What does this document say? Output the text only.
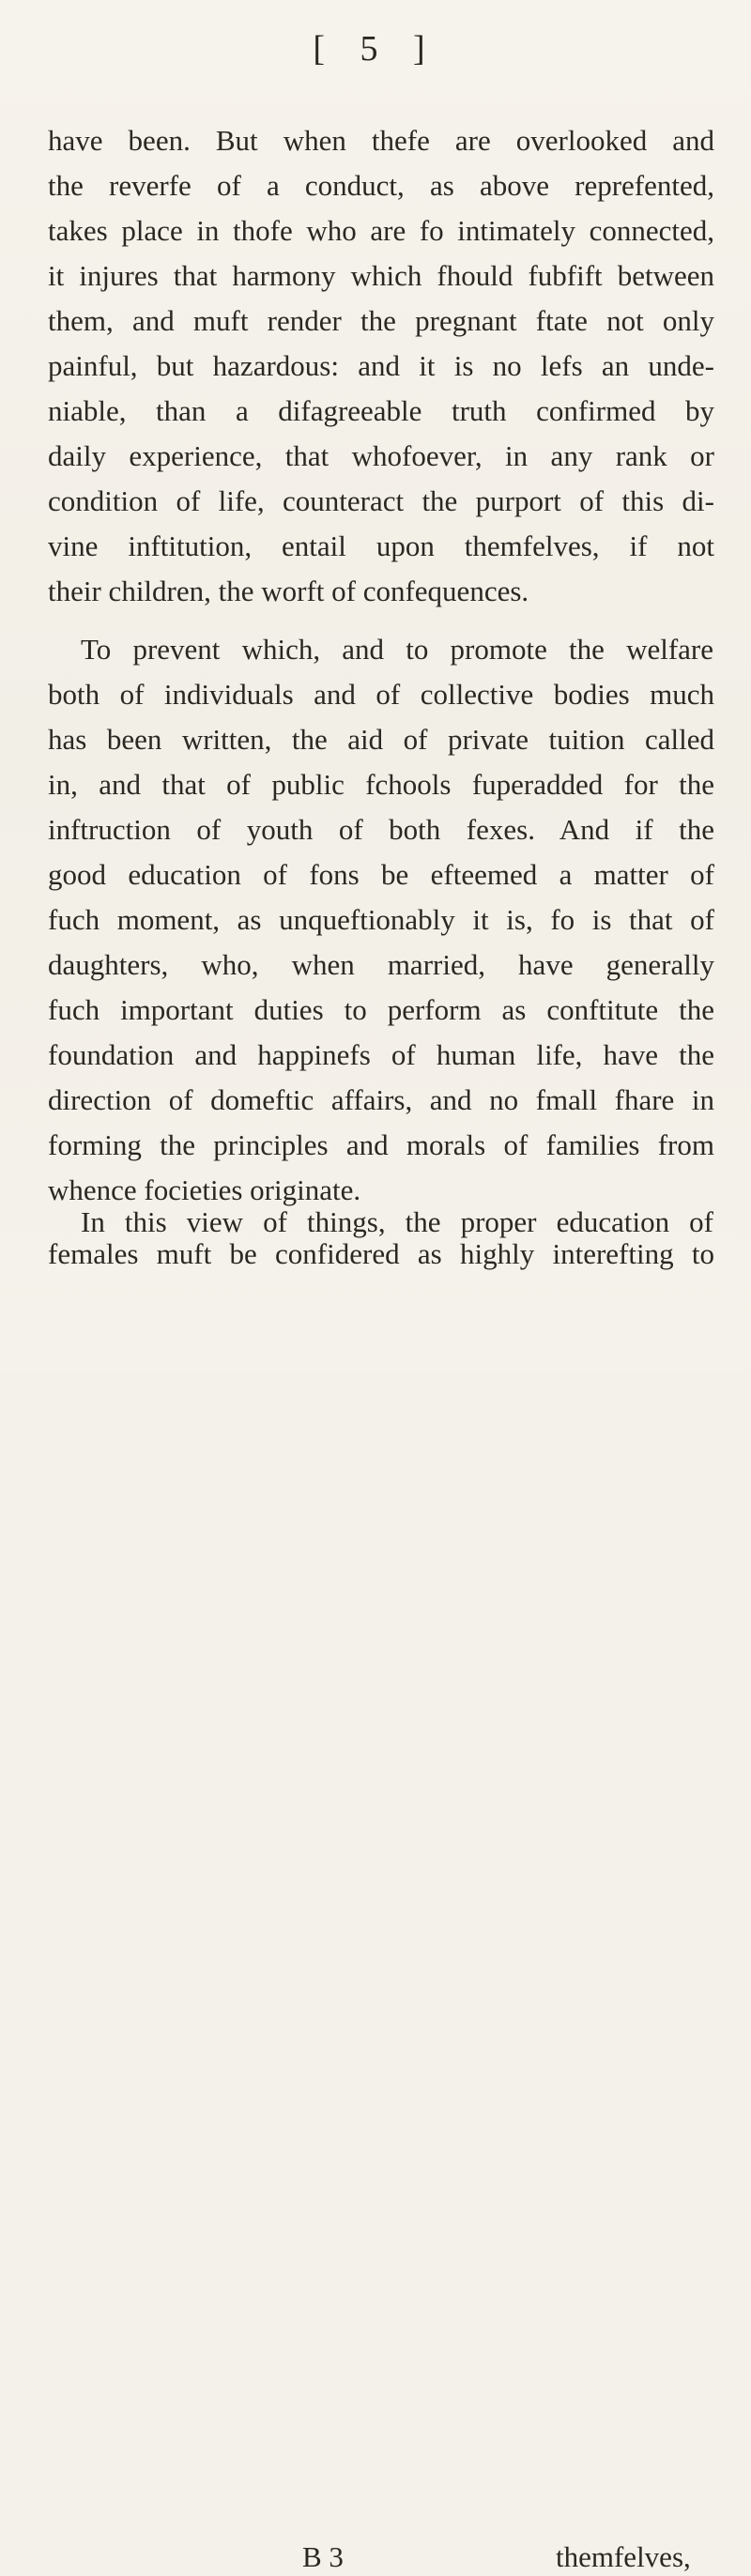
[ 5 ]

have been. But when thefe are overlooked and

the reverfe of a conduct, as above reprefented,

takes place in thofe who are fo intimately connected,

it injures that harmony which fhould fubfift between

them, and muft render the pregnant ftate not only

painful, but hazardous: and it is no lefs an unde-

niable, than a difagreeable truth confirmed by

daily experience, that whofoever, in any rank or

condition of life, counteract the purport of this di-

vine inftitution, entail upon themfelves, if not

their children, the worft of confequences.

To prevent which, and to promote the welfare

both of individuals and of collective bodies much

has been written, the aid of private tuition called

in, and that of public fchools fuperadded for the

inftruction of youth of both fexes. And if the

good education of fons be efteemed a matter of

fuch moment, as unqueftionably it is, fo is that of

daughters, who, when married, have generally

fuch important duties to perform as conftitute the

foundation and happinefs of human life, have the

direction of domeftic affairs, and no fmall fhare in

forming the principles and morals of families from

whence focieties originate.

In this view of things, the proper education of

females muft be confidered as highly interefting to

B 3	themfelves,
